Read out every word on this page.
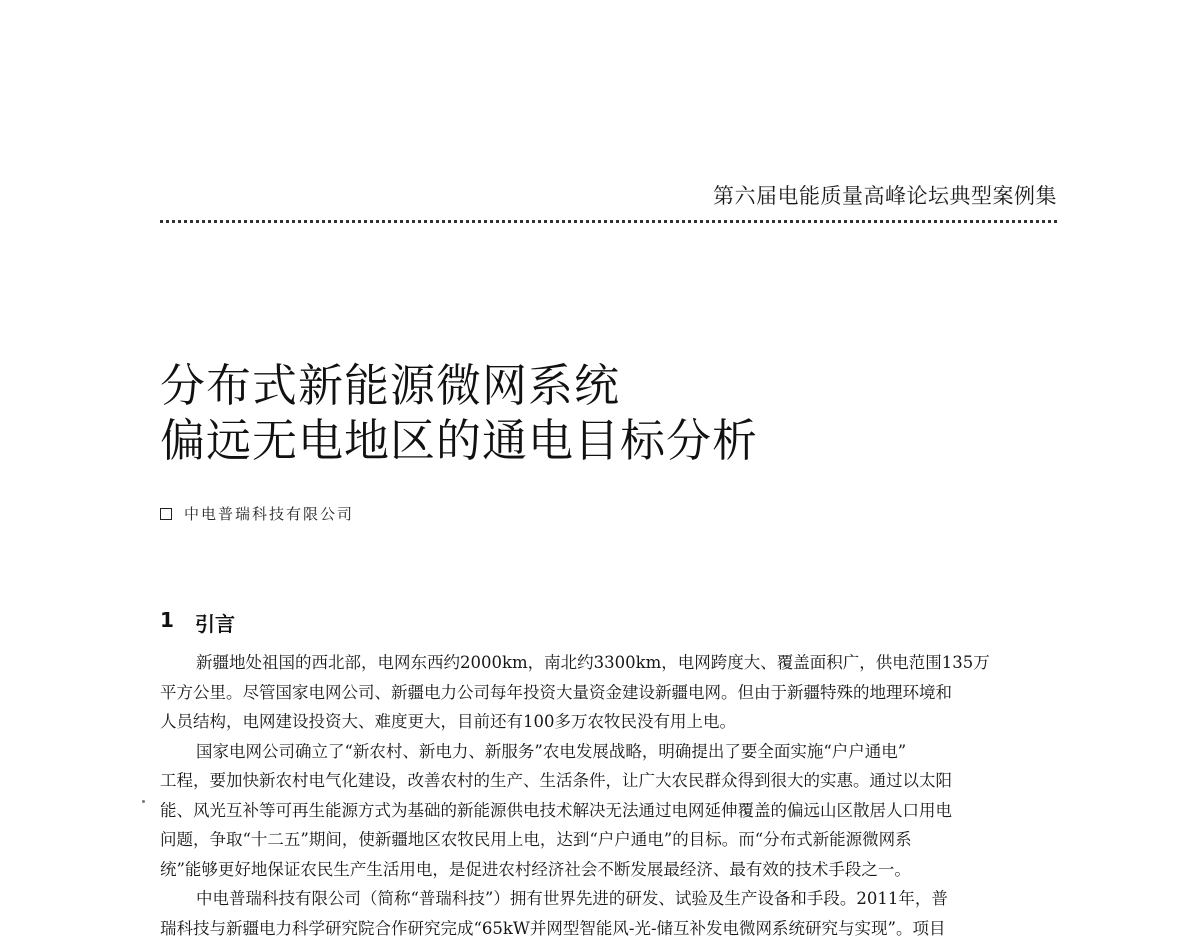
第六届电能质量高峰论坛典型案例集
分布式新能源微网系统
偏远无电地区的通电目标分析
中电普瑞科技有限公司
1	引言
新疆地处祖国的西北部，电网东西约2000km，南北约3300km，电网跨度大、覆盖面积广，供电范围135万
平方公里。尽管国家电网公司、新疆电力公司每年投资大量资金建设新疆电网。但由于新疆特殊的地理环境和
人员结构，电网建设投资大、难度更大，目前还有100多万农牧民没有用上电。
国家电网公司确立了“新农村、新电力、新服务”农电发展战略，明确提出了要全面实施“户户通电”
工程，要加快新农村电气化建设，改善农村的生产、生活条件，让广大农民群众得到很大的实惠。通过以太阳
能、风光互补等可再生能源方式为基础的新能源供电技术解决无法通过电网延伸覆盖的偏远山区散居人口用电
问题，争取“十二五”期间，使新疆地区农牧民用上电，达到“户户通电”的目标。而“分布式新能源微网系
统”能够更好地保证农民生产生活用电，是促进农村经济社会不断发展最经济、最有效的技术手段之一。
中电普瑞科技有限公司（简称“普瑞科技”）拥有世界先进的研发、试验及生产设备和手段。2011年，普
瑞科技与新疆电力科学研究院合作研究完成“65kW并网型智能风-光-储互补发电微网系统研究与实现”。项目
